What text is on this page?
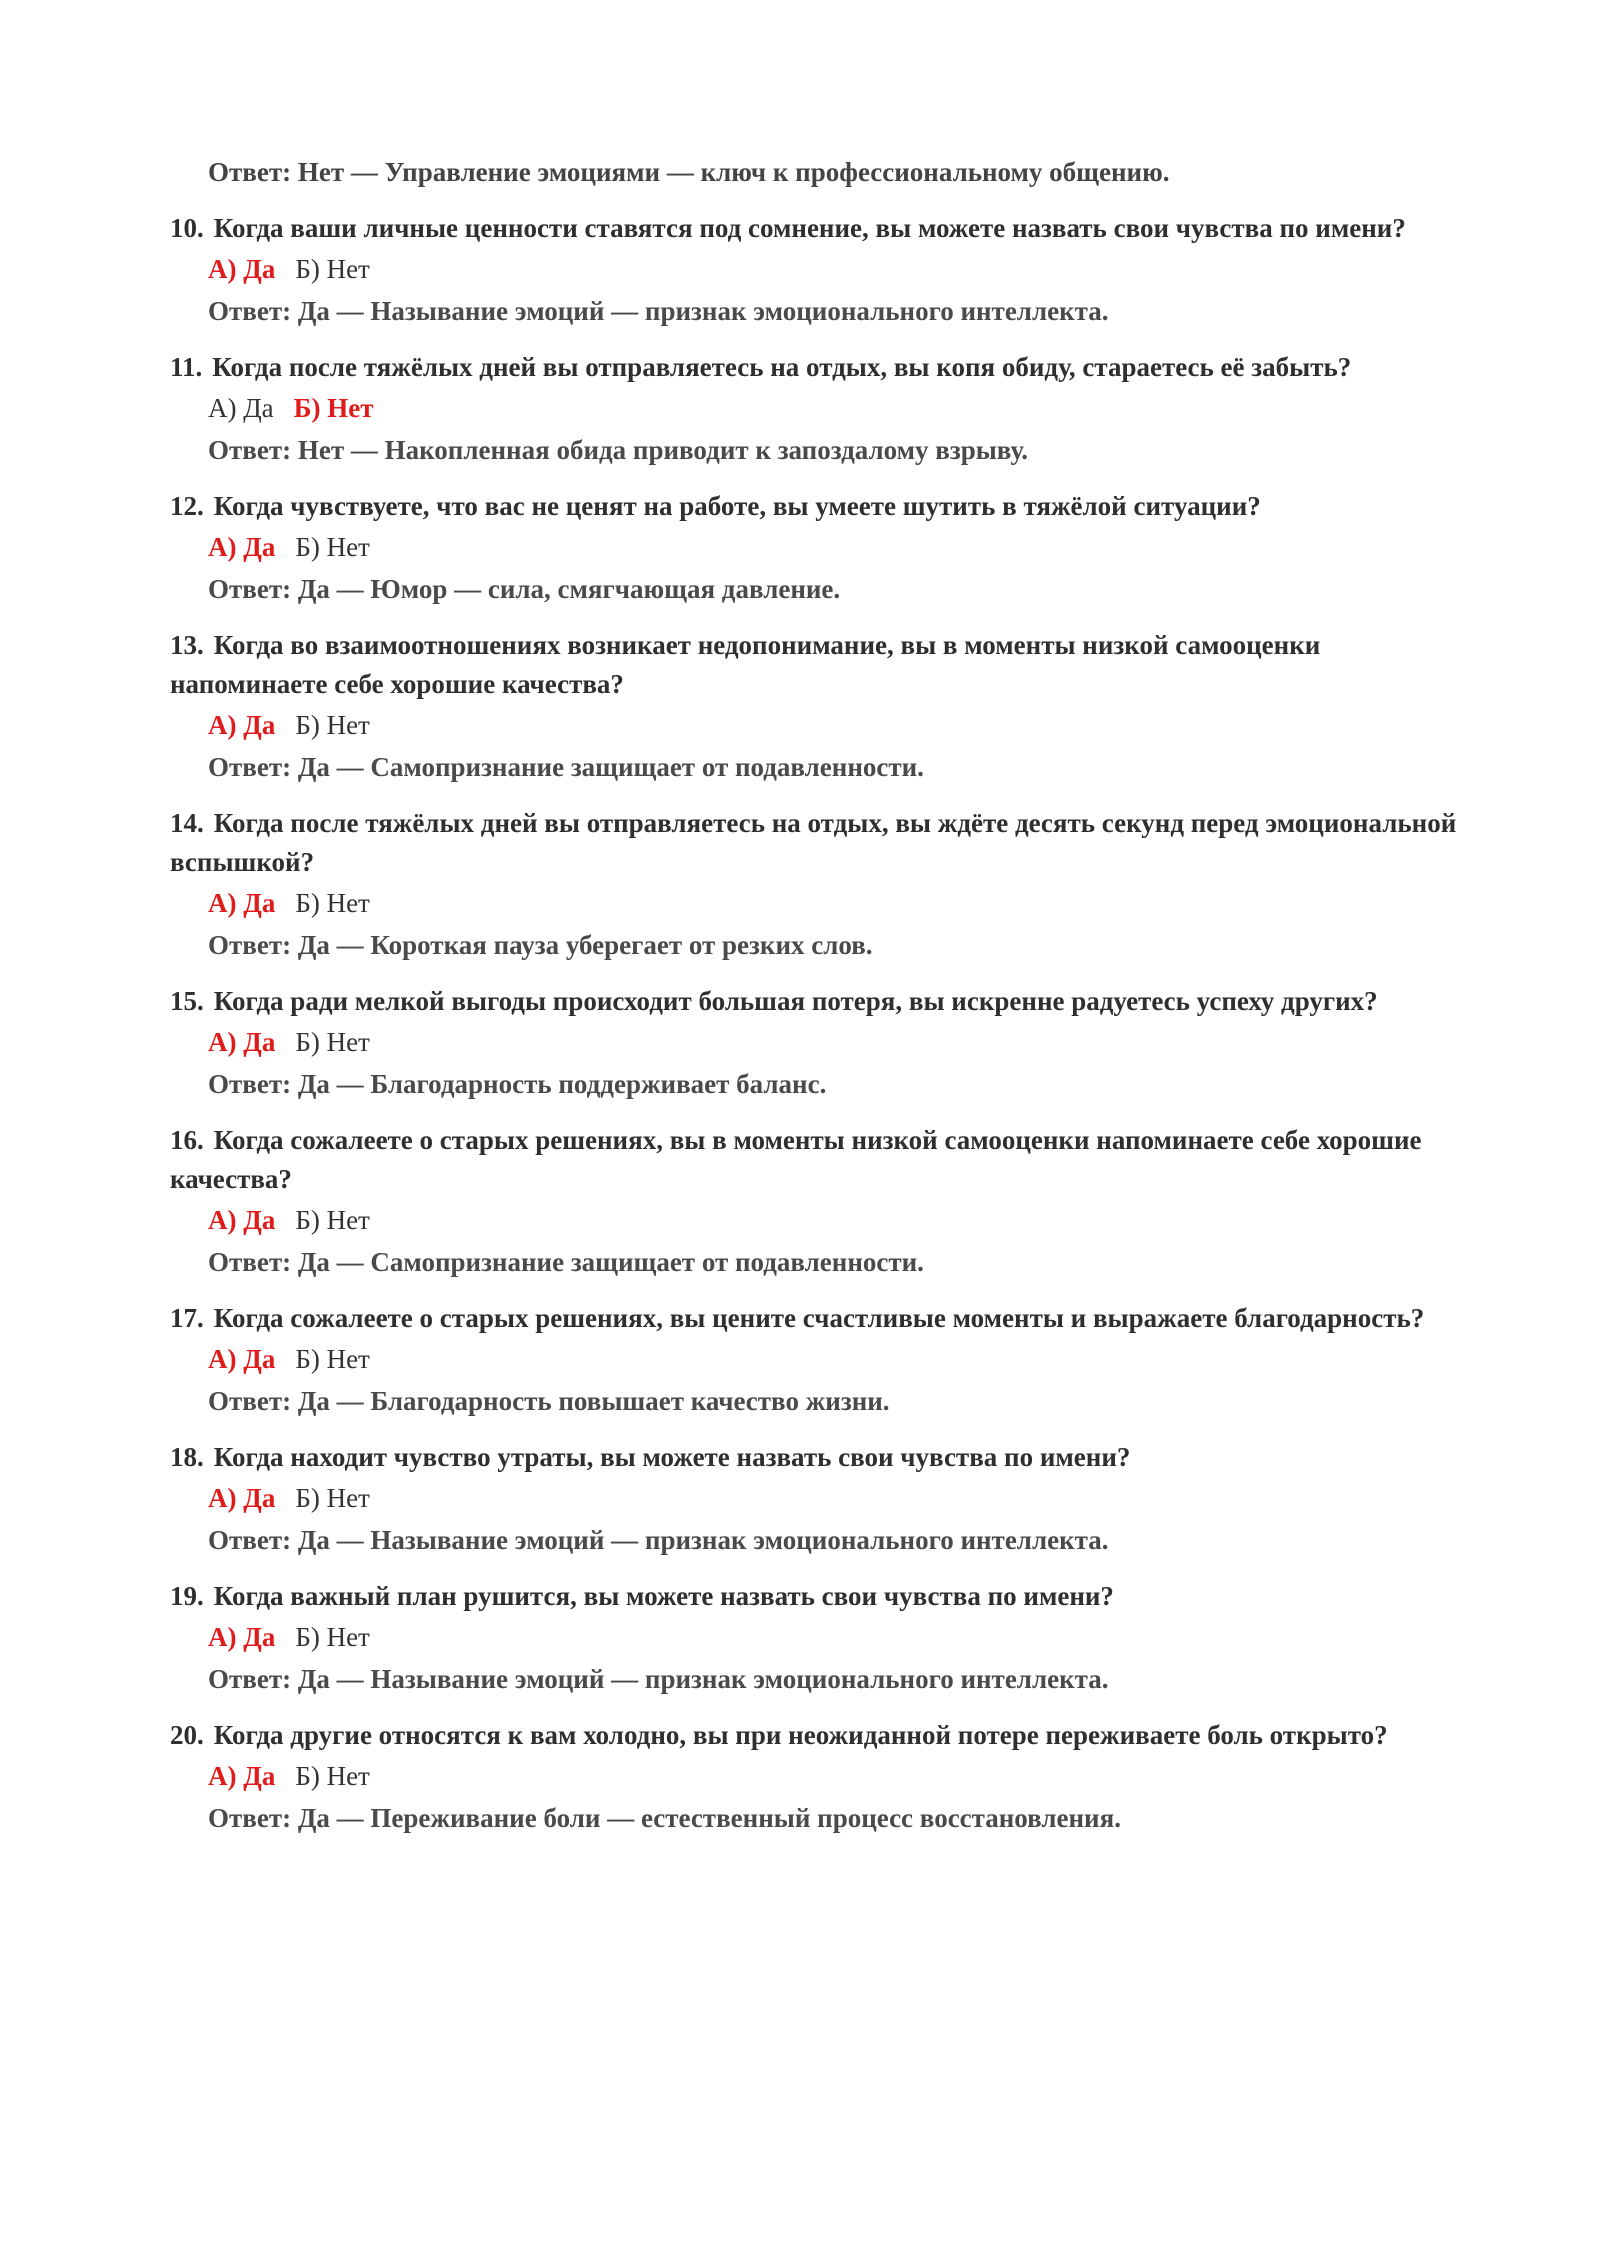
Ответ: Нет — Управление эмоциями — ключ к профессиональному общению.

10. Когда ваши личные ценности ставятся под сомнение, вы можете назвать свои чувства по имени?

А) Да Б) Нет
Ответ: Да — Называние эмоций — признак эмоционального интеллекта.

11. Когда после тяжёлых дней вы отправляетесь на отдых, вы копя обиду, стараетесь её забыть?

А) Да Б) Нет
Ответ: Нет — Накопленная обида приводит к запоздалому взрыву.

12. Когда чувствуете, что вас не ценят на работе, вы умеете шутить в тяжёлой ситуации?

А) Да Б) Нет
Ответ: Да — Юмор — сила, смягчающая давление.

13. Когда во взаимоотношениях возникает недопонимание, вы в моменты низкой самооценки напоминаете себе хорошие качества?

А) Да Б) Нет
Ответ: Да — Самопризнание защищает от подавленности.

14. Когда после тяжёлых дней вы отправляетесь на отдых, вы ждёте десять секунд перед эмоциональной вспышкой?

А) Да Б) Нет
Ответ: Да — Короткая пауза уберегает от резких слов.

15. Когда ради мелкой выгоды происходит большая потеря, вы искренне радуетесь успеху других?

А) Да Б) Нет
Ответ: Да — Благодарность поддерживает баланс.

16. Когда сожалеете о старых решениях, вы в моменты низкой самооценки напоминаете себе хорошие качества?

А) Да Б) Нет
Ответ: Да — Самопризнание защищает от подавленности.

17. Когда сожалеете о старых решениях, вы цените счастливые моменты и выражаете благодарность?

А) Да Б) Нет
Ответ: Да — Благодарность повышает качество жизни.

18. Когда находит чувство утраты, вы можете назвать свои чувства по имени?

А) Да Б) Нет
Ответ: Да — Называние эмоций — признак эмоционального интеллекта.

19. Когда важный план рушится, вы можете назвать свои чувства по имени?

А) Да Б) Нет
Ответ: Да — Называние эмоций — признак эмоционального интеллекта.

20. Когда другие относятся к вам холодно, вы при неожиданной потере переживаете боль открыто?

А) Да Б) Нет
Ответ: Да — Переживание боли — естественный процесс восстановления.
